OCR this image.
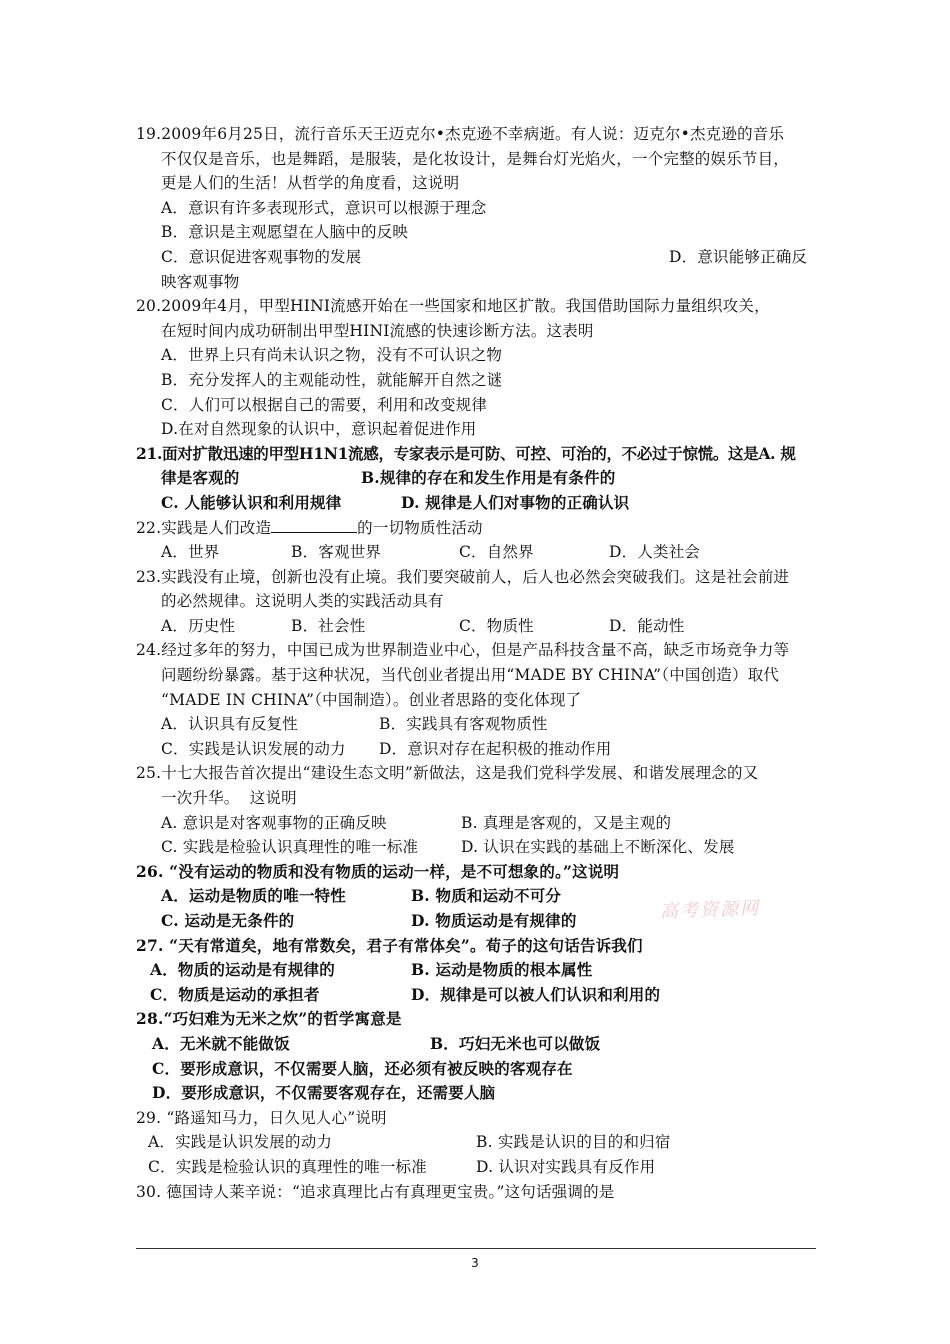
19.2009年6月25日，流行音乐天王迈克尔•杰克逊不幸病逝。有人说：迈克尔•杰克逊的音乐
不仅仅是音乐，也是舞蹈，是服装，是化妆设计，是舞台灯光焰火，一个完整的娱乐节目，
更是人们的生活！从哲学的角度看，这说明
A．意识有许多表现形式，意识可以根源于理念
B．意识是主观愿望在人脑中的反映
C．意识促进客观事物的发展	D．意识能够正确反
映客观事物
20.2009年4月，甲型HINI流感开始在一些国家和地区扩散。我国借助国际力量组织攻关，
在短时间内成功研制出甲型HINI流感的快速诊断方法。这表明
A．世界上只有尚未认识之物，没有不可认识之物
B．充分发挥人的主观能动性，就能解开自然之谜
C．人们可以根据自己的需要，利用和改变规律
D.在对自然现象的认识中，意识起着促进作用
21.面对扩散迅速的甲型H1N1流感，专家表示是可防、可控、可治的，不必过于惊慌。这是A. 规
律是客观的	B.规律的存在和发生作用是有条件的
C. 人能够认识和利用规律	D. 规律是人们对事物的正确认识
22.实践是人们改造	的一切物质性活动
A．世界	B．客观世界	C．自然界	D．人类社会
23.实践没有止境，创新也没有止境。我们要突破前人，后人也必然会突破我们。这是社会前进
的必然规律。这说明人类的实践活动具有
A．历史性	B．社会性	C．物质性	D．能动性
24.经过多年的努力，中国已成为世界制造业中心，但是产品科技含量不高，缺乏市场竞争力等
问题纷纷暴露。基于这种状况，当代创业者提出用“MADE BY CHINA”（中国创造）取代
“MADE IN CHINA”（中国制造）。创业者思路的变化体现了
A．认识具有反复性	B．实践具有客观物质性
C．实践是认识发展的动力	D．意识对存在起积极的推动作用
25.十七大报告首次提出“建设生态文明”新做法，这是我们党科学发展、和谐发展理念的又
一次升华。  这说明
A. 意识是对客观事物的正确反映	B. 真理是客观的，又是主观的
C. 实践是检验认识真理性的唯一标准	D. 认识在实践的基础上不断深化、发展
26. “没有运动的物质和没有物质的运动一样，是不可想象的。”这说明
A．运动是物质的唯一特性	B. 物质和运动不可分
C. 运动是无条件的	D. 物质运动是有规律的
27. “天有常道矣，地有常数矣，君子有常体矣”。荀子的这句话告诉我们
A．物质的运动是有规律的	B. 运动是物质的根本属性
C．物质是运动的承担者	D．规律是可以被人们认识和利用的
28.“巧妇难为无米之炊”的哲学寓意是
A．无米就不能做饭	B．巧妇无米也可以做饭
C．要形成意识，不仅需要人脑，还必须有被反映的客观存在
D．要形成意识，不仅需要客观存在，还需要人脑
29. “路遥知马力，日久见人心”说明
A．实践是认识发展的动力	B. 实践是认识的目的和归宿
C．实践是检验认识的真理性的唯一标准	D. 认识对实践具有反作用
30. 德国诗人莱辛说：“追求真理比占有真理更宝贵。”这句话强调的是
高考资源网
3
